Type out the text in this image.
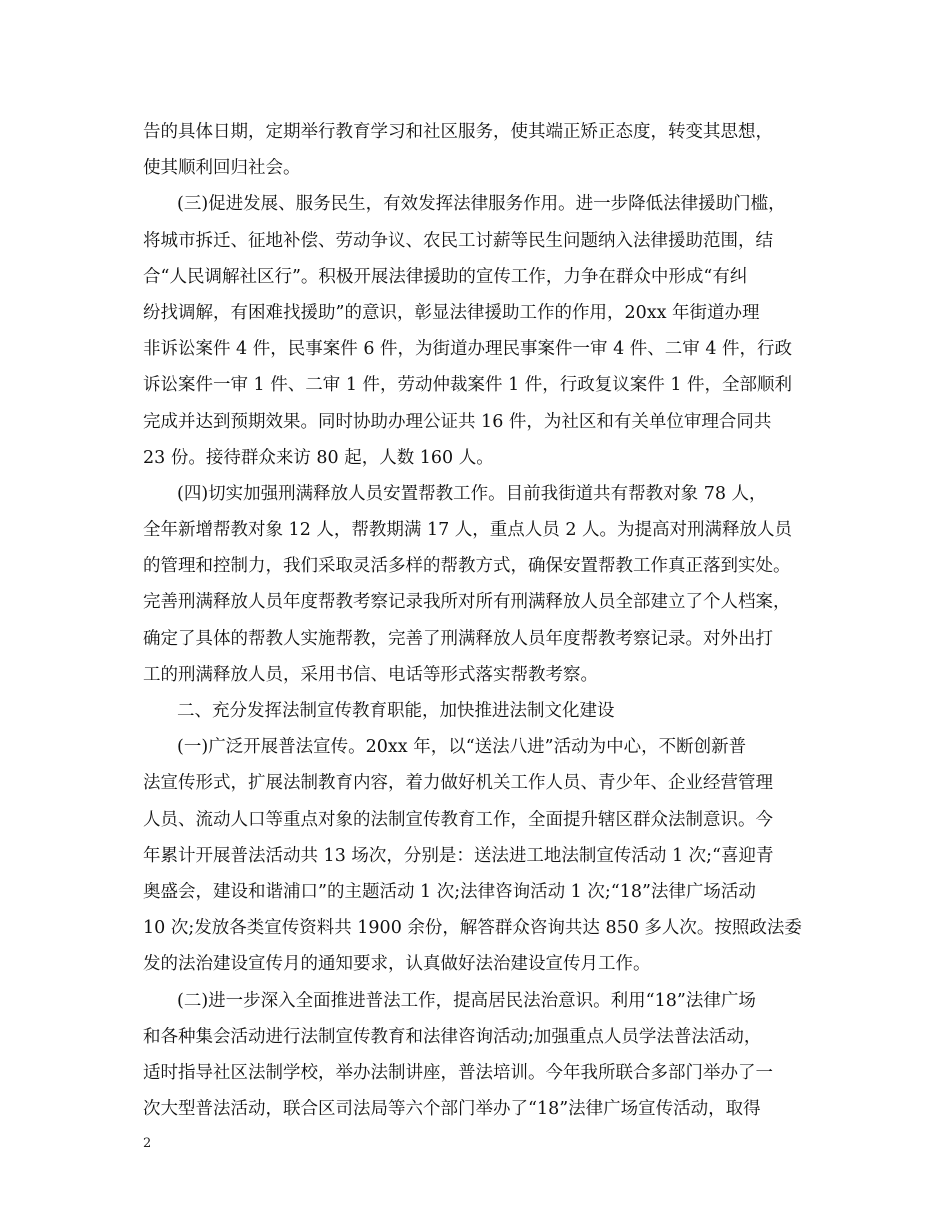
告的具体日期，定期举行教育学习和社区服务，使其端正矫正态度，转变其思想，
使其顺利回归社会。
(三)促进发展、服务民生，有效发挥法律服务作用。进一步降低法律援助门槛，
将城市拆迁、征地补偿、劳动争议、农民工讨薪等民生问题纳入法律援助范围，结
合“人民调解社区行”。积极开展法律援助的宣传工作，力争在群众中形成“有纠
纷找调解，有困难找援助”的意识，彰显法律援助工作的作用，20xx 年街道办理
非诉讼案件 4 件，民事案件 6 件，为街道办理民事案件一审 4 件、二审 4 件，行政
诉讼案件一审 1 件、二审 1 件，劳动仲裁案件 1 件，行政复议案件 1 件，全部顺利
完成并达到预期效果。同时协助办理公证共 16 件，为社区和有关单位审理合同共
23 份。接待群众来访 80 起，人数 160 人。
(四)切实加强刑满释放人员安置帮教工作。目前我街道共有帮教对象 78 人，
全年新增帮教对象 12 人，帮教期满 17 人，重点人员 2 人。为提高对刑满释放人员
的管理和控制力，我们采取灵活多样的帮教方式，确保安置帮教工作真正落到实处。
完善刑满释放人员年度帮教考察记录我所对所有刑满释放人员全部建立了个人档案，
确定了具体的帮教人实施帮教，完善了刑满释放人员年度帮教考察记录。对外出打
工的刑满释放人员，采用书信、电话等形式落实帮教考察。
二、充分发挥法制宣传教育职能，加快推进法制文化建设
(一)广泛开展普法宣传。20xx 年，以“送法八进”活动为中心，不断创新普
法宣传形式，扩展法制教育内容，着力做好机关工作人员、青少年、企业经营管理
人员、流动人口等重点对象的法制宣传教育工作，全面提升辖区群众法制意识。今
年累计开展普法活动共 13 场次，分别是：送法进工地法制宣传活动 1 次;“喜迎青
奥盛会，建设和谐浦口”的主题活动 1 次;法律咨询活动 1 次;“18”法律广场活动
10 次;发放各类宣传资料共 1900 余份，解答群众咨询共达 850 多人次。按照政法委
发的法治建设宣传月的通知要求，认真做好法治建设宣传月工作。
(二)进一步深入全面推进普法工作，提高居民法治意识。利用“18”法律广场
和各种集会活动进行法制宣传教育和法律咨询活动;加强重点人员学法普法活动，
适时指导社区法制学校，举办法制讲座，普法培训。今年我所联合多部门举办了一
次大型普法活动，联合区司法局等六个部门举办了“18”法律广场宣传活动，取得
2
